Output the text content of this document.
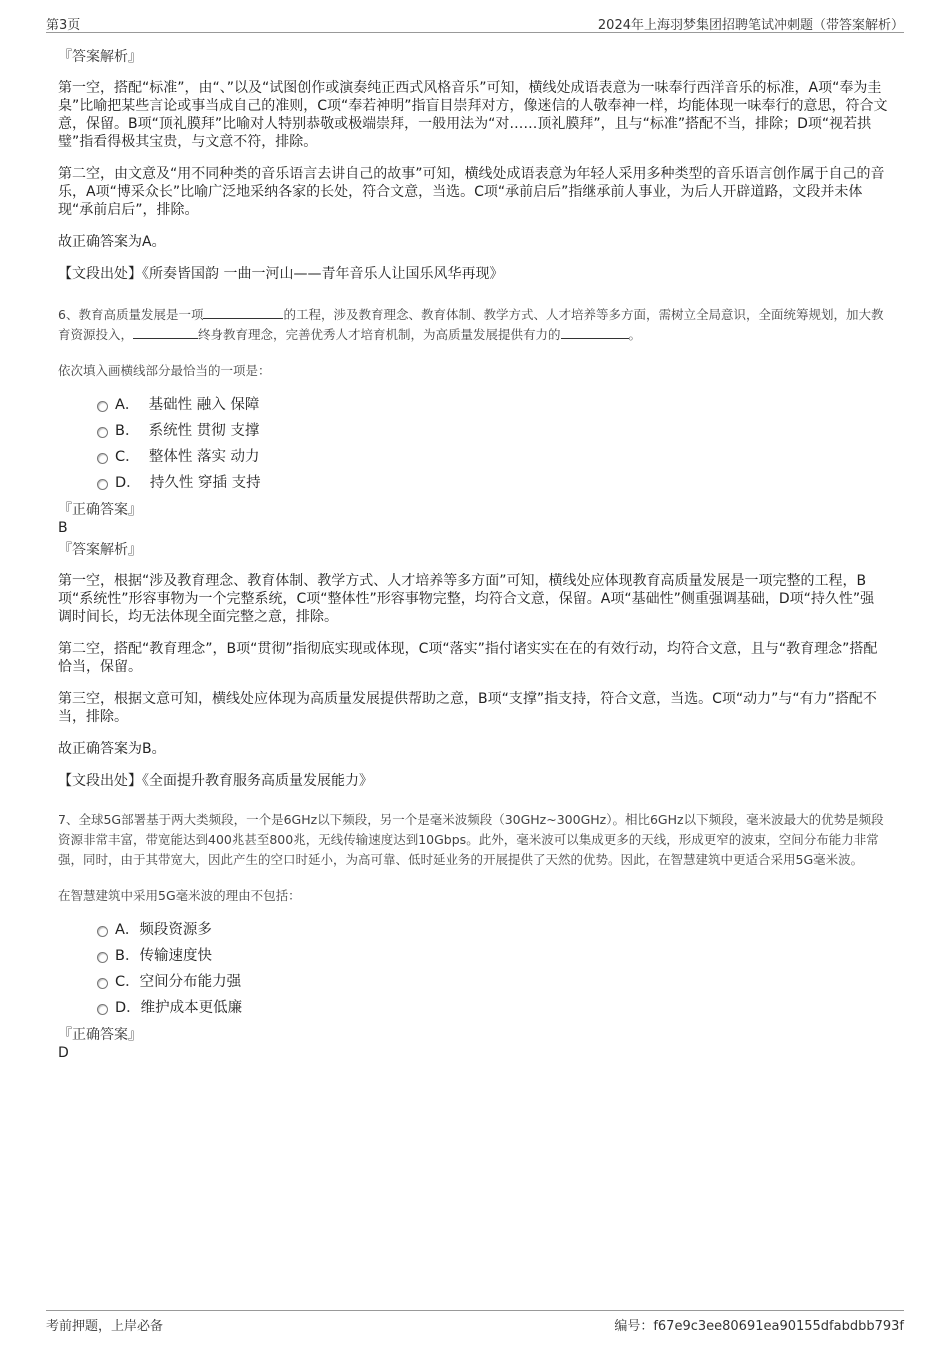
第3页	2024年上海羽梦集团招聘笔试冲刺题（带答案解析）

『答案解析』

第一空，搭配“标准”，由“、”以及“试图创作或演奏纯正西式风格音乐”可知，横线处成语表意为一味奉行西洋音乐的标准，A项“奉为圭臬”比喻把某些言论或事当成自己的准则，C项“奉若神明”指盲目崇拜对方，像迷信的人敬奉神一样，均能体现一味奉行的意思，符合文意，保留。B项“顶礼膜拜”比喻对人特别恭敬或极端崇拜，一般用法为“对……顶礼膜拜”，且与“标准”搭配不当，排除；D项“视若拱璧”指看得极其宝贵，与文意不符，排除。

第二空，由文意及“用不同种类的音乐语言去讲自己的故事”可知，横线处成语表意为年轻人采用多种类型的音乐语言创作属于自己的音乐，A项“博采众长”比喻广泛地采纳各家的长处，符合文意，当选。C项“承前启后”指继承前人事业，为后人开辟道路，文段并未体现“承前启后”，排除。

故正确答案为A。

【文段出处】《所奏皆国韵 一曲一河山——青年音乐人让国乐风华再现》

6、教育高质量发展是一项	的工程，涉及教育理念、教育体制、教学方式、人才培养等多方面，需树立全局意识，全面统筹规划，加大教育资源投入，	终身教育理念，完善优秀人才培育机制，为高质量发展提供有力的	。

依次填入画横线部分最恰当的一项是：

A． 基础性 融入 保障
B． 系统性 贯彻 支撑
C． 整体性 落实 动力
D． 持久性 穿插 支持

『正确答案』

B

『答案解析』

第一空，根据“涉及教育理念、教育体制、教学方式、人才培养等多方面”可知，横线处应体现教育高质量发展是一项完整的工程，B项“系统性”形容事物为一个完整系统，C项“整体性”形容事物完整，均符合文意，保留。A项“基础性”侧重强调基础，D项“持久性”强调时间长，均无法体现全面完整之意，排除。

第二空，搭配“教育理念”，B项“贯彻”指彻底实现或体现，C项“落实”指付诸实实在在的有效行动，均符合文意，且与“教育理念”搭配恰当，保留。

第三空，根据文意可知，横线处应体现为高质量发展提供帮助之意，B项“支撑”指支持，符合文意，当选。C项“动力”与“有力”搭配不当，排除。

故正确答案为B。

【文段出处】《全面提升教育服务高质量发展能力》

7、全球5G部署基于两大类频段，一个是6GHz以下频段，另一个是毫米波频段（30GHz~300GHz）。相比6GHz以下频段，毫米波最大的优势是频段资源非常丰富，带宽能达到400兆甚至800兆，无线传输速度达到10Gbps。此外，毫米波可以集成更多的天线，形成更窄的波束，空间分布能力非常强，同时，由于其带宽大，因此产生的空口时延小，为高可靠、低时延业务的开展提供了天然的优势。因此，在智慧建筑中更适合采用5G毫米波。

在智慧建筑中采用5G毫米波的理由不包括：

A．频段资源多
B．传输速度快
C．空间分布能力强
D．维护成本更低廉

『正确答案』

D

考前押题，上岸必备	编号：f67e9c3ee80691ea90155dfabdbb793f
